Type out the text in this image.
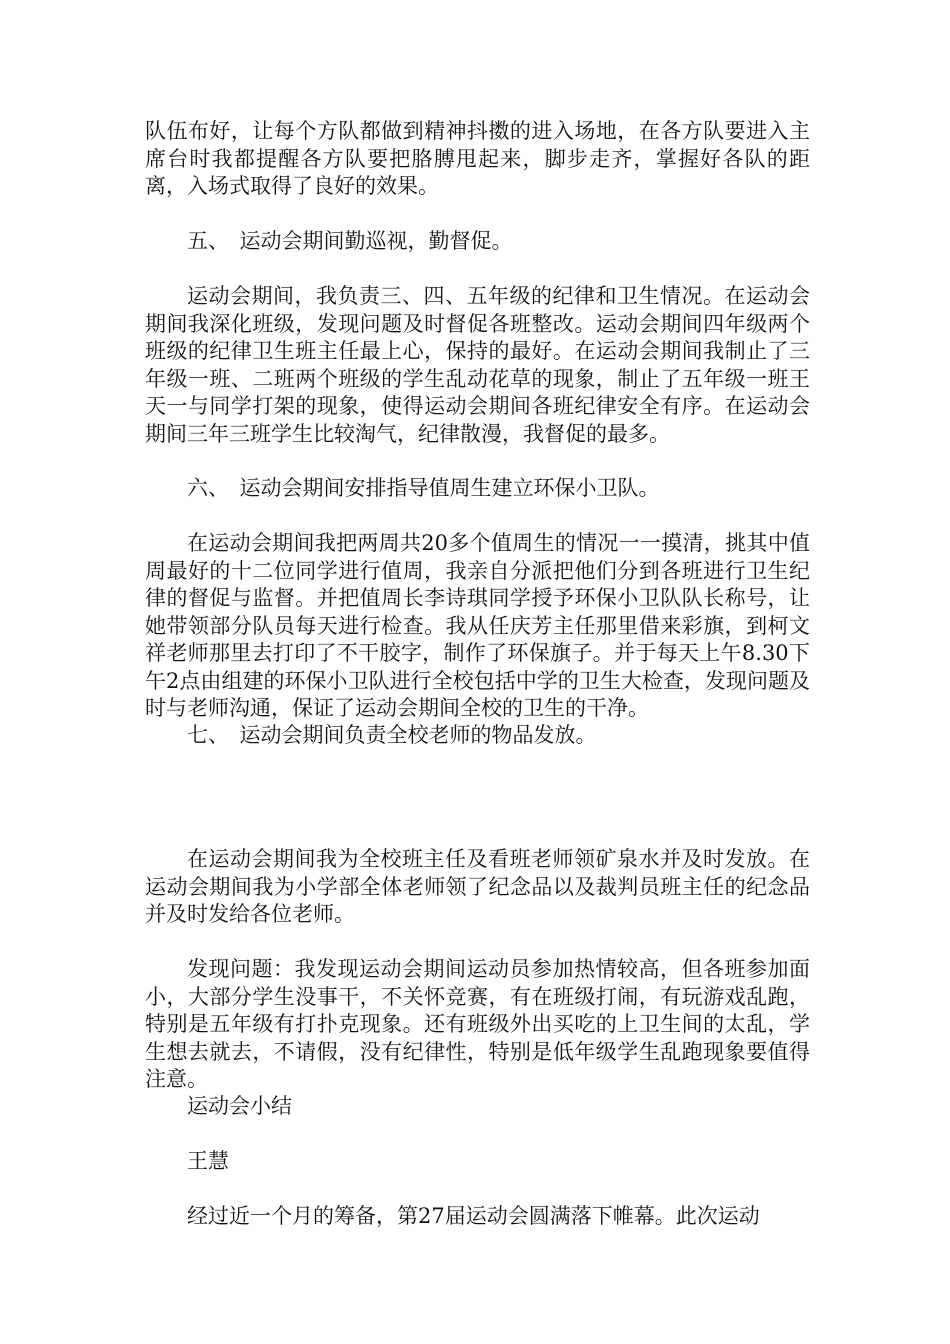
队伍布好，让每个方队都做到精神抖擞的进入场地，在各方队要进入主席台时我都提醒各方队要把胳膊甩起来，脚步走齐，掌握好各队的距离，入场式取得了良好的效果。

五、　运动会期间勤巡视，勤督促。

运动会期间，我负责三、四、五年级的纪律和卫生情况。在运动会期间我深化班级，发现问题及时督促各班整改。运动会期间四年级两个班级的纪律卫生班主任最上心，保持的最好。在运动会期间我制止了三年级一班、二班两个班级的学生乱动花草的现象，制止了五年级一班王天一与同学打架的现象，使得运动会期间各班纪律安全有序。在运动会期间三年三班学生比较淘气，纪律散漫，我督促的最多。

六、　运动会期间安排指导值周生建立环保小卫队。

在运动会期间我把两周共20多个值周生的情况一一摸清，挑其中值周最好的十二位同学进行值周，我亲自分派把他们分到各班进行卫生纪律的督促与监督。并把值周长李诗琪同学授予环保小卫队队长称号，让她带领部分队员每天进行检查。我从任庆芳主任那里借来彩旗，到柯文祥老师那里去打印了不干胶字，制作了环保旗子。并于每天上午8.30下午2点由组建的环保小卫队进行全校包括中学的卫生大检查，发现问题及时与老师沟通，保证了运动会期间全校的卫生的干净。

七、　运动会期间负责全校老师的物品发放。

在运动会期间我为全校班主任及看班老师领矿泉水并及时发放。在运动会期间我为小学部全体老师领了纪念品以及裁判员班主任的纪念品并及时发给各位老师。

发现问题：我发现运动会期间运动员参加热情较高，但各班参加面小，大部分学生没事干，不关怀竞赛，有在班级打闹，有玩游戏乱跑，特别是五年级有打扑克现象。还有班级外出买吃的上卫生间的太乱，学生想去就去，不请假，没有纪律性，特别是低年级学生乱跑现象要值得注意。

运动会小结

王慧

经过近一个月的筹备，第27届运动会圆满落下帷幕。此次运动
